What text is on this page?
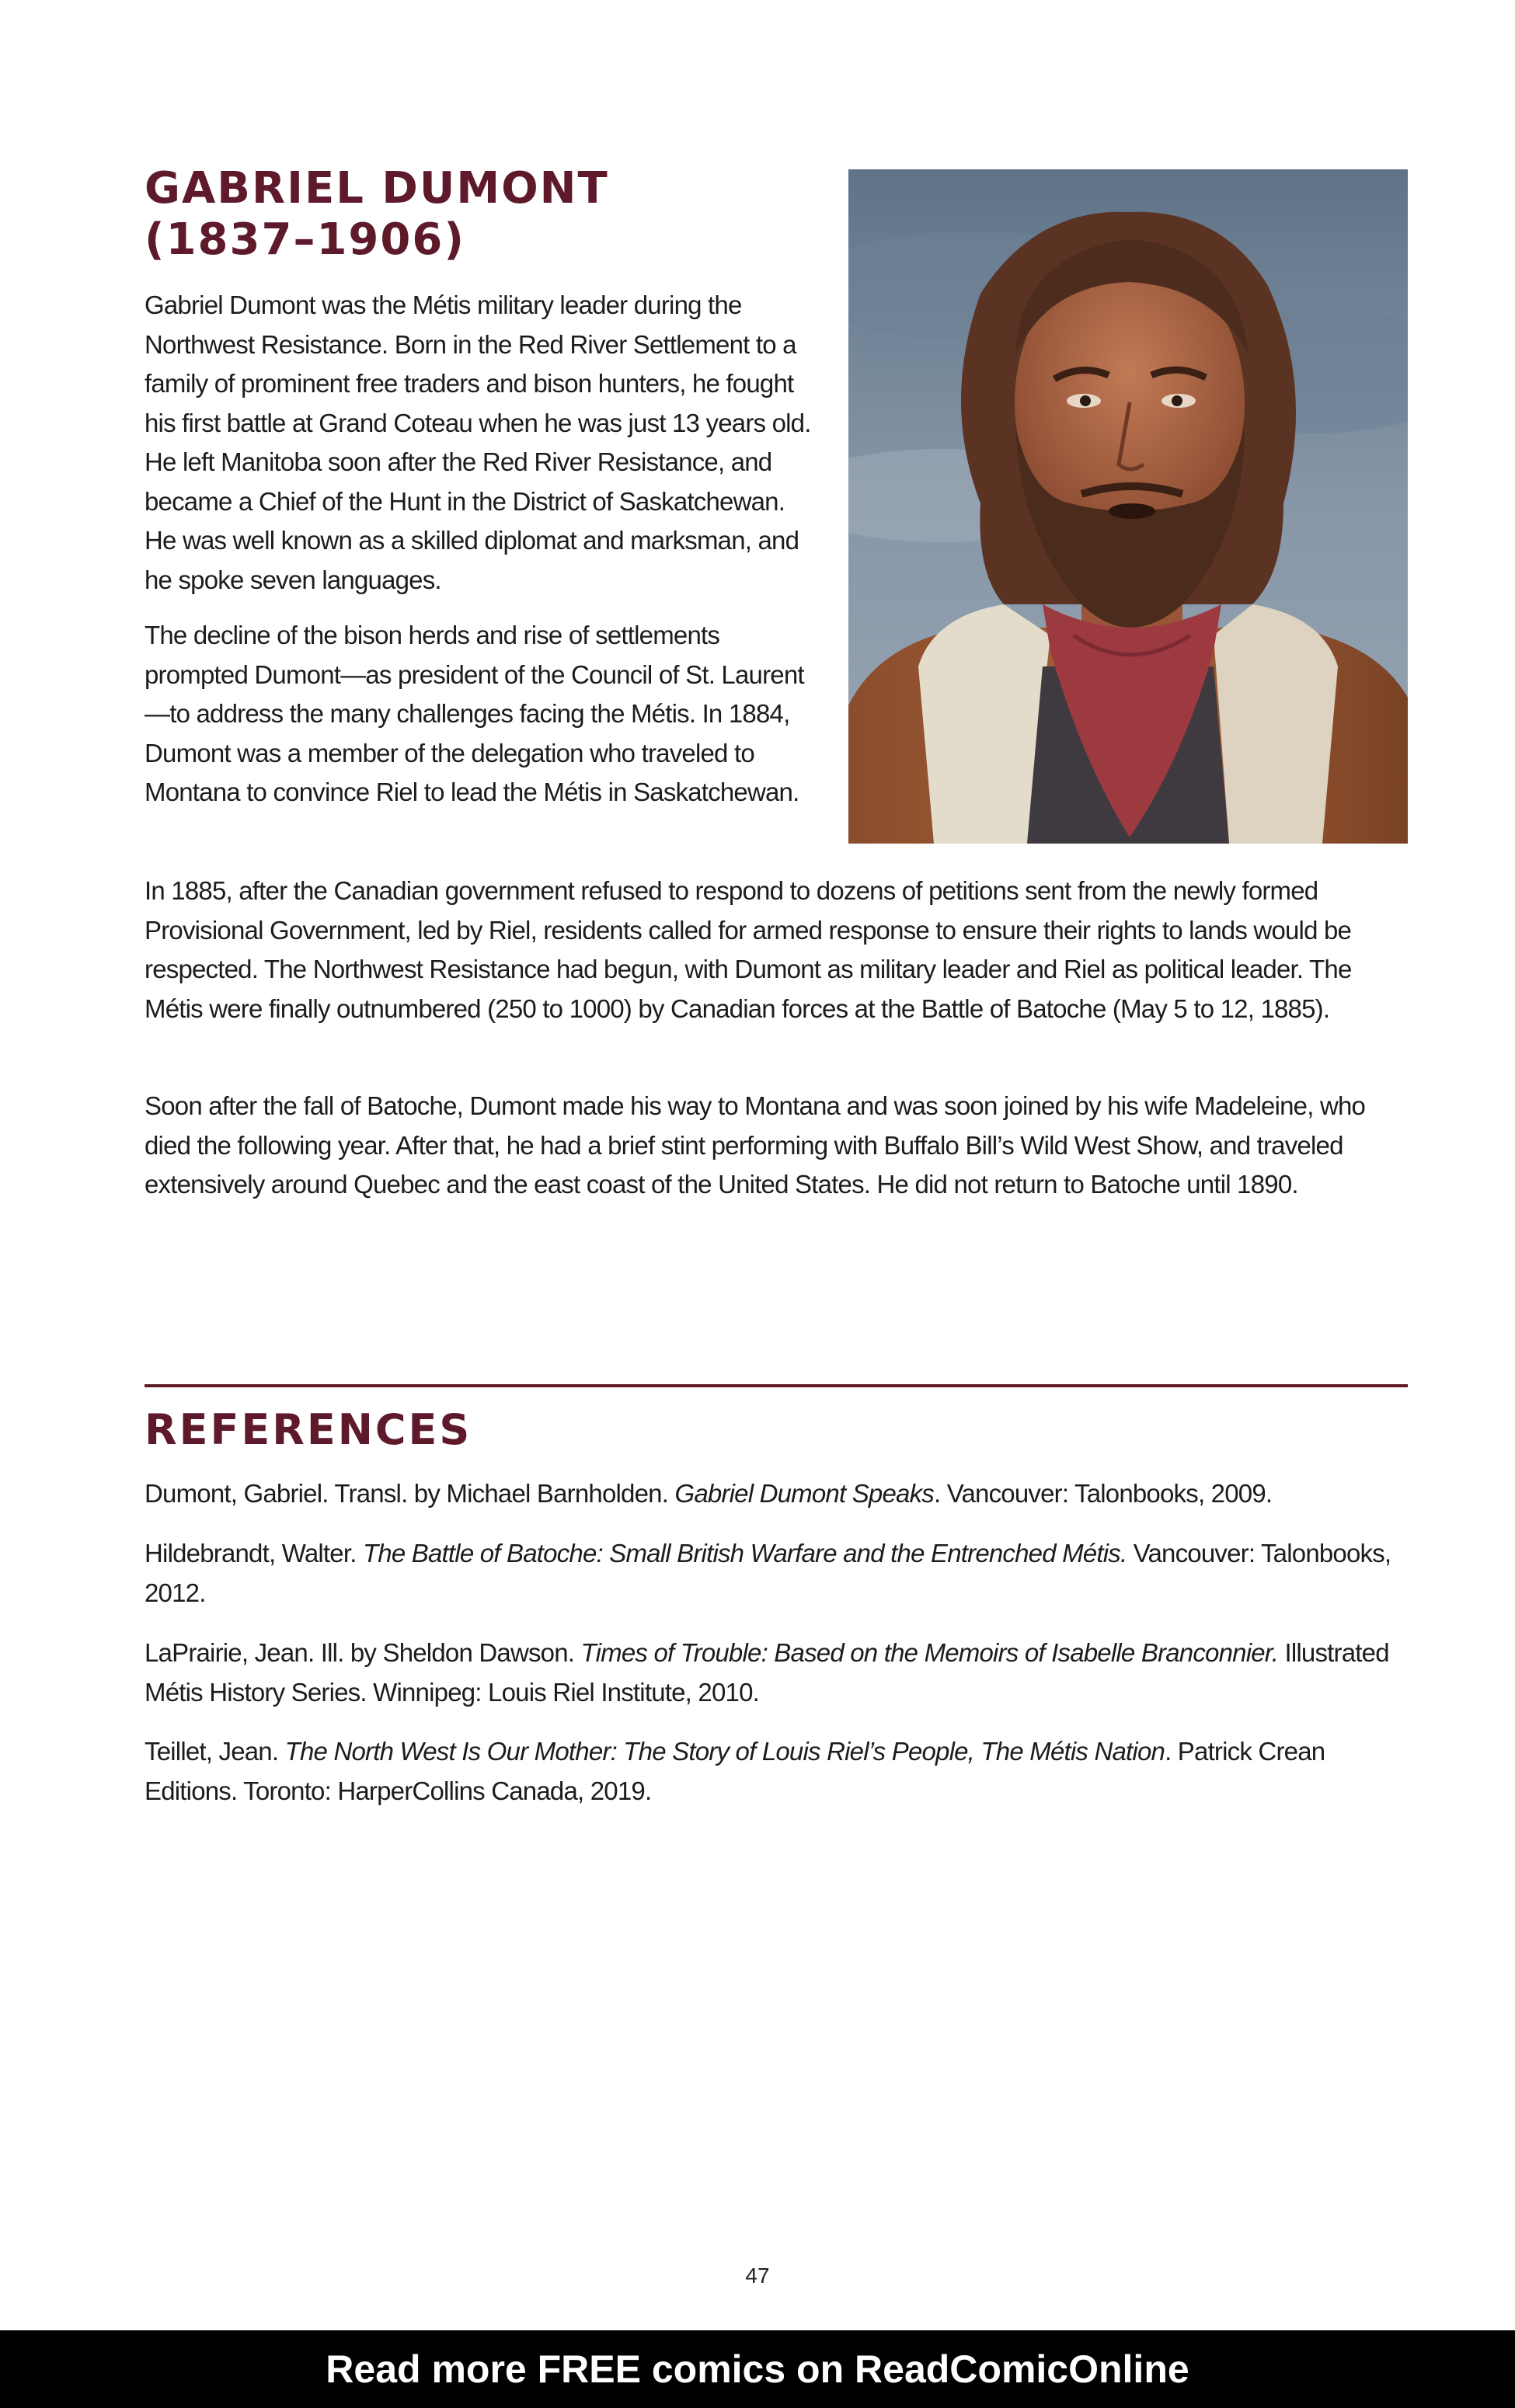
GABRIEL DUMONT
(1837–1906)

Gabriel Dumont was the Métis military leader during the Northwest Resistance. Born in the Red River Settlement to a family of prominent free traders and bison hunters, he fought his first battle at Grand Coteau when he was just 13 years old. He left Manitoba soon after the Red River Resistance, and became a Chief of the Hunt in the District of Saskatchewan. He was well known as a skilled diplomat and marksman, and he spoke seven languages.

The decline of the bison herds and rise of settlements prompted Dumont—as president of the Council of St. Laurent—to address the many challenges facing the Métis. In 1884, Dumont was a member of the delegation who traveled to Montana to convince Riel to lead the Métis in Saskatchewan.

In 1885, after the Canadian government refused to respond to dozens of petitions sent from the newly formed Provisional Government, led by Riel, residents called for armed response to ensure their rights to lands would be respected. The Northwest Resistance had begun, with Dumont as military leader and Riel as political leader. The Métis were finally outnumbered (250 to 1000) by Canadian forces at the Battle of Batoche (May 5 to 12, 1885).

Soon after the fall of Batoche, Dumont made his way to Montana and was soon joined by his wife Madeleine, who died the following year. After that, he had a brief stint performing with Buffalo Bill’s Wild West Show, and traveled extensively around Quebec and the east coast of the United States. He did not return to Batoche until 1890.

REFERENCES

Dumont, Gabriel. Transl. by Michael Barnholden. Gabriel Dumont Speaks. Vancouver: Talonbooks, 2009.

Hildebrandt, Walter. The Battle of Batoche: Small British Warfare and the Entrenched Métis. Vancouver: Talonbooks, 2012.

LaPrairie, Jean. Ill. by Sheldon Dawson. Times of Trouble: Based on the Memoirs of Isabelle Branconnier. Illustrated Métis History Series. Winnipeg: Louis Riel Institute, 2010.

Teillet, Jean. The North West Is Our Mother: The Story of Louis Riel’s People, The Métis Nation. Patrick Crean Editions. Toronto: HarperCollins Canada, 2019.

47
Read more FREE comics on ReadComicOnline
